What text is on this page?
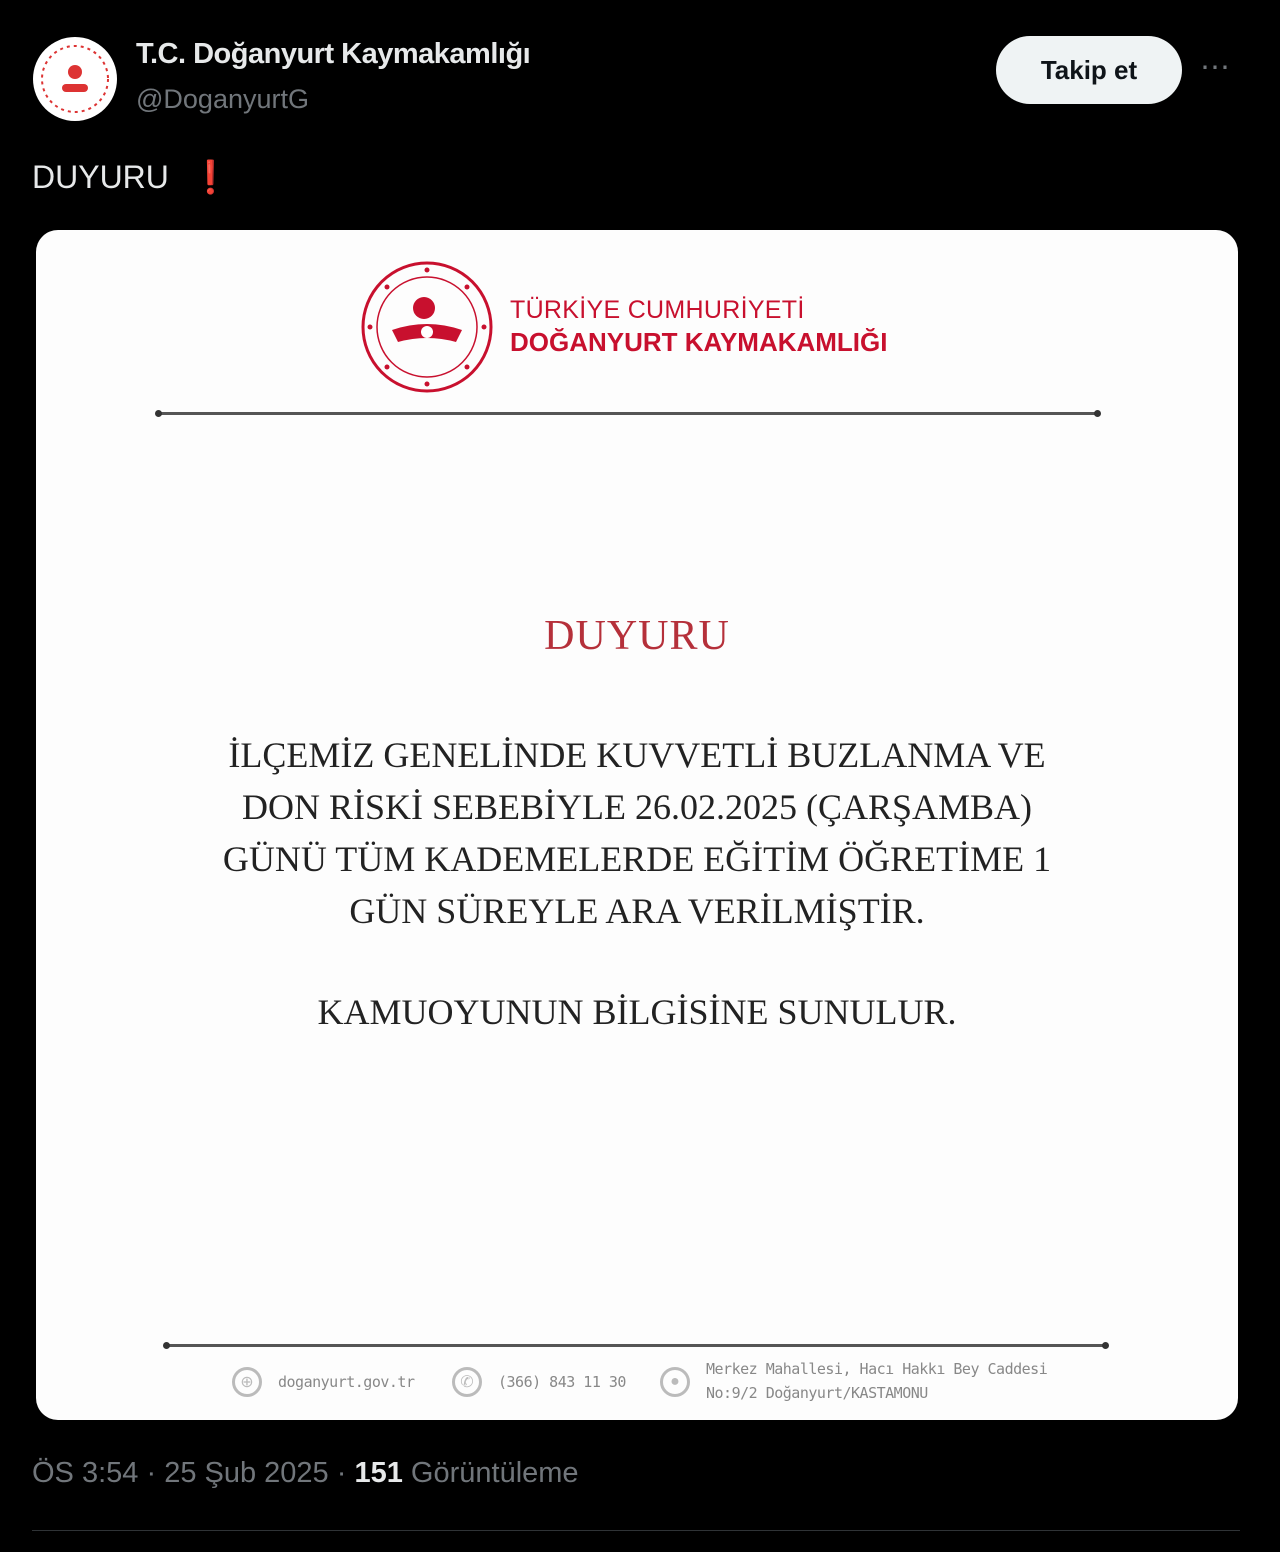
T.C. Doğanyurt Kaymakamlığı
@DoganyurtG
Takip et	⋯
DUYURU ❗
TÜRKİYE CUMHURİYETİ
DOĞANYURT KAYMAKAMLIĞI
DUYURU
İLÇEMİZ GENELİNDE KUVVETLİ BUZLANMA VE
DON RİSKİ SEBEBİYLE 26.02.2025 (ÇARŞAMBA)
GÜNÜ TÜM KADEMELERDE EĞİTİM ÖĞRETİME 1
GÜN SÜREYLE ARA VERİLMİŞTİR.
KAMUOYUNUN BİLGİSİNE SUNULUR.
⊕	doganyurt.gov.tr	✆	(366) 843 11 30	●
Merkez Mahallesi, Hacı Hakkı Bey Caddesi
No:9/2 Doğanyurt/KASTAMONU
ÖS 3:54 · 25 Şub 2025 · 151 Görüntüleme
